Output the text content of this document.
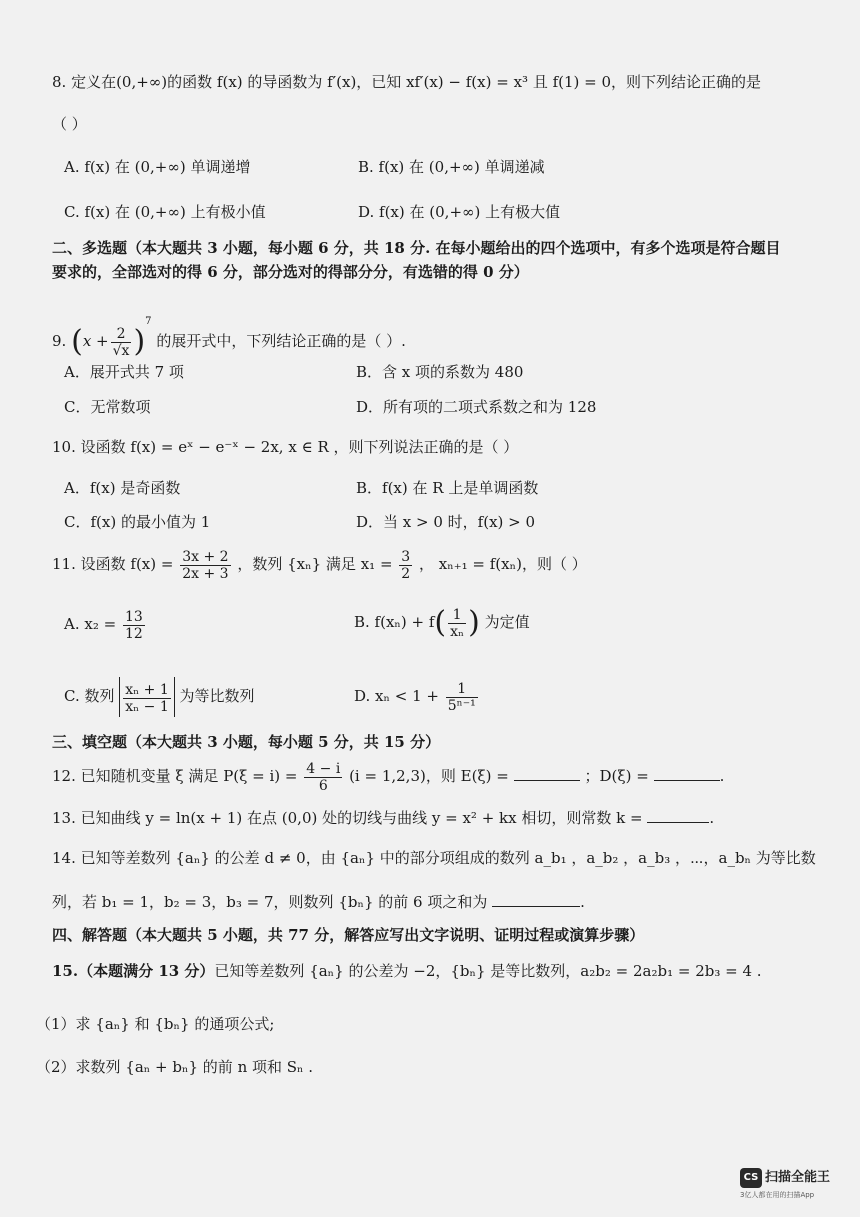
8. 定义在(0,+∞)的函数 f(x) 的导函数为 f′(x)，已知 xf′(x) − f(x) = x³ 且 f(1) = 0，则下列结论正确的是
（ ）
A. f(x) 在 (0,+∞) 单调递增	B. f(x) 在 (0,+∞) 单调递减
C. f(x) 在 (0,+∞) 上有极小值	D. f(x) 在 (0,+∞) 上有极大值
二、多选题（本大题共 3 小题，每小题 6 分，共 18 分. 在每小题给出的四个选项中，有多个选项是符合题目
要求的，全部选对的得 6 分，部分选对的得部分分，有选错的得 0 分）
9. $(x + \frac{2}{√x} )^7$ 的展开式中，下列结论正确的是（ ）.
A．展开式共 7 项	B．含 x 项的系数为 480
C．无常数项	D．所有项的二项式系数之和为 128
10. 设函数 f(x) = eˣ − e⁻ˣ − 2x, x ∈ R ，则下列说法正确的是（ ）
A．f(x) 是奇函数	B．f(x) 在 R 上是单调函数
C．f(x) 的最小值为 1	D．当 x > 0 时，f(x) > 0
11. 设函数 $f(x) = \frac{3x + 2}{2x + 3}$ ，数列 {xₙ} 满足 $x_1 = \frac{3}{2}$ ， xₙ₊₁ = f(xₙ)，则（ ）
A. $x_2 = \frac{13}{12}$	B. $f(x_n) + f( \frac{1}{\text{xₙ}}$ ) 为定值
C. 数列 $\frac{\text{xₙ + 1}}{\text{xₙ − 1}}$ 为等比数列	D. $x_n < 1 + \frac{1}{\text{5ⁿ⁻¹}}$
三、填空题（本大题共 3 小题，每小题 5 分，共 15 分）
12. 已知随机变量 ξ 满足 $P(\xi = i) = \frac{4 - i}{6} (i = 1,2,3)$，则 E(ξ) =	；D(ξ) =	.
13. 已知曲线 y = ln(x + 1) 在点 (0,0) 处的切线与曲线 y = x² + kx 相切，则常数 k =	.
14. 已知等差数列 {aₙ} 的公差 d ≠ 0，由 {aₙ} 中的部分项组成的数列 a_b₁ ，a_b₂ ，a_b₃ ，⋯，a_bₙ 为等比数
列，若 b₁ = 1，b₂ = 3，b₃ = 7，则数列 {bₙ} 的前 6 项之和为	.
四、解答题（本大题共 5 小题，共 77 分，解答应写出文字说明、证明过程或演算步骤）
15.（本题满分 13 分）已知等差数列 {aₙ} 的公差为 −2，{bₙ} 是等比数列，a₂b₂ = 2a₂b₁ = 2b₃ = 4 .
（1）求 {aₙ} 和 {bₙ} 的通项公式;
（2）求数列 {aₙ + bₙ} 的前 n 项和 Sₙ .
CS 扫描全能王
3亿人都在用的扫描App
